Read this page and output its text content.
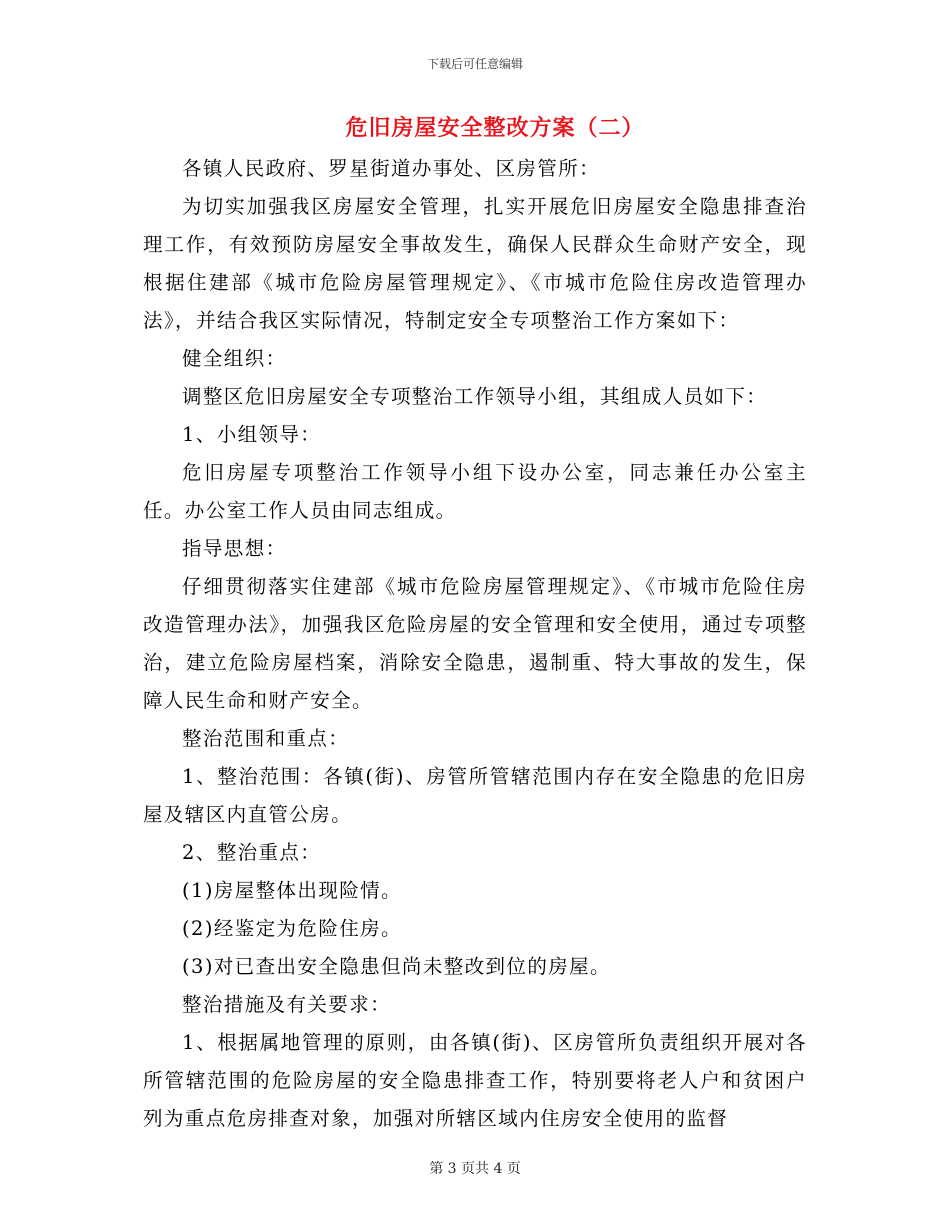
下载后可任意编辑
危旧房屋安全整改方案（二）

各镇人民政府、罗星街道办事处、区房管所：

为切实加强我区房屋安全管理，扎实开展危旧房屋安全隐患排查治理工作，有效预防房屋安全事故发生，确保人民群众生命财产安全，现根据住建部《城市危险房屋管理规定》、《市城市危险住房改造管理办法》，并结合我区实际情况，特制定安全专项整治工作方案如下：

健全组织：

调整区危旧房屋安全专项整治工作领导小组，其组成人员如下：

1、小组领导：

危旧房屋专项整治工作领导小组下设办公室，同志兼任办公室主任。办公室工作人员由同志组成。

指导思想：

仔细贯彻落实住建部《城市危险房屋管理规定》、《市城市危险住房改造管理办法》，加强我区危险房屋的安全管理和安全使用，通过专项整治，建立危险房屋档案，消除安全隐患，遏制重、特大事故的发生，保障人民生命和财产安全。

整治范围和重点：

1、整治范围：各镇(街)、房管所管辖范围内存在安全隐患的危旧房屋及辖区内直管公房。

2、整治重点：

(1)房屋整体出现险情。

(2)经鉴定为危险住房。

(3)对已查出安全隐患但尚未整改到位的房屋。

整治措施及有关要求：

1、根据属地管理的原则，由各镇(街)、区房管所负责组织开展对各所管辖范围的危险房屋的安全隐患排查工作，特别要将老人户和贫困户列为重点危房排查对象，加强对所辖区域内住房安全使用的监督

第 3 页共 4 页
